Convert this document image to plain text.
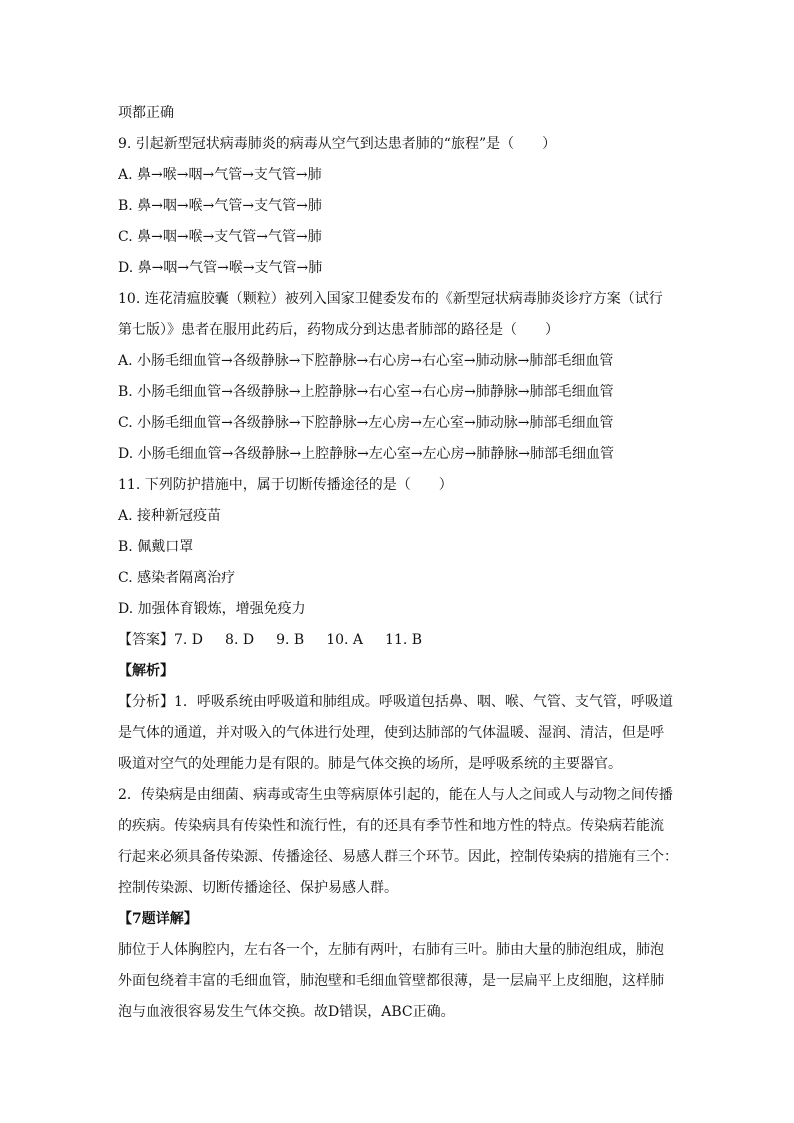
项都正确
9. 引起新型冠状病毒肺炎的病毒从空气到达患者肺的“旅程”是（　　）
A. 鼻→喉→咽→气管→支气管→肺
B. 鼻→咽→喉→气管→支气管→肺
C. 鼻→咽→喉→支气管→气管→肺
D. 鼻→咽→气管→喉→支气管→肺
10. 连花清瘟胶囊（颗粒）被列入国家卫健委发布的《新型冠状病毒肺炎诊疗方案（试行
第七版）》患者在服用此药后，药物成分到达患者肺部的路径是（　　）
A. 小肠毛细血管→各级静脉→下腔静脉→右心房→右心室→肺动脉→肺部毛细血管
B. 小肠毛细血管→各级静脉→上腔静脉→右心室→右心房→肺静脉→肺部毛细血管
C. 小肠毛细血管→各级静脉→下腔静脉→左心房→左心室→肺动脉→肺部毛细血管
D. 小肠毛细血管→各级静脉→上腔静脉→左心室→左心房→肺静脉→肺部毛细血管
11. 下列防护措施中，属于切断传播途径的是（　　）
A. 接种新冠疫苗
B. 佩戴口罩
C. 感染者隔离治疗
D. 加强体育锻炼，增强免疫力
【答案】7. D 8. D 9. B 10. A 11. B
【解析】
【分析】1．呼吸系统由呼吸道和肺组成。呼吸道包括鼻、咽、喉、气管、支气管，呼吸道
是气体的通道，并对吸入的气体进行处理，使到达肺部的气体温暖、湿润、清洁，但是呼
吸道对空气的处理能力是有限的。肺是气体交换的场所，是呼吸系统的主要器官。
2．传染病是由细菌、病毒或寄生虫等病原体引起的，能在人与人之间或人与动物之间传播
的疾病。传染病具有传染性和流行性，有的还具有季节性和地方性的特点。传染病若能流
行起来必须具备传染源、传播途径、易感人群三个环节。因此，控制传染病的措施有三个：
控制传染源、切断传播途径、保护易感人群。
【7题详解】
肺位于人体胸腔内，左右各一个，左肺有两叶，右肺有三叶。肺由大量的肺泡组成，肺泡
外面包绕着丰富的毛细血管，肺泡壁和毛细血管壁都很薄，是一层扁平上皮细胞，这样肺
泡与血液很容易发生气体交换。故D错误，ABC正确。
